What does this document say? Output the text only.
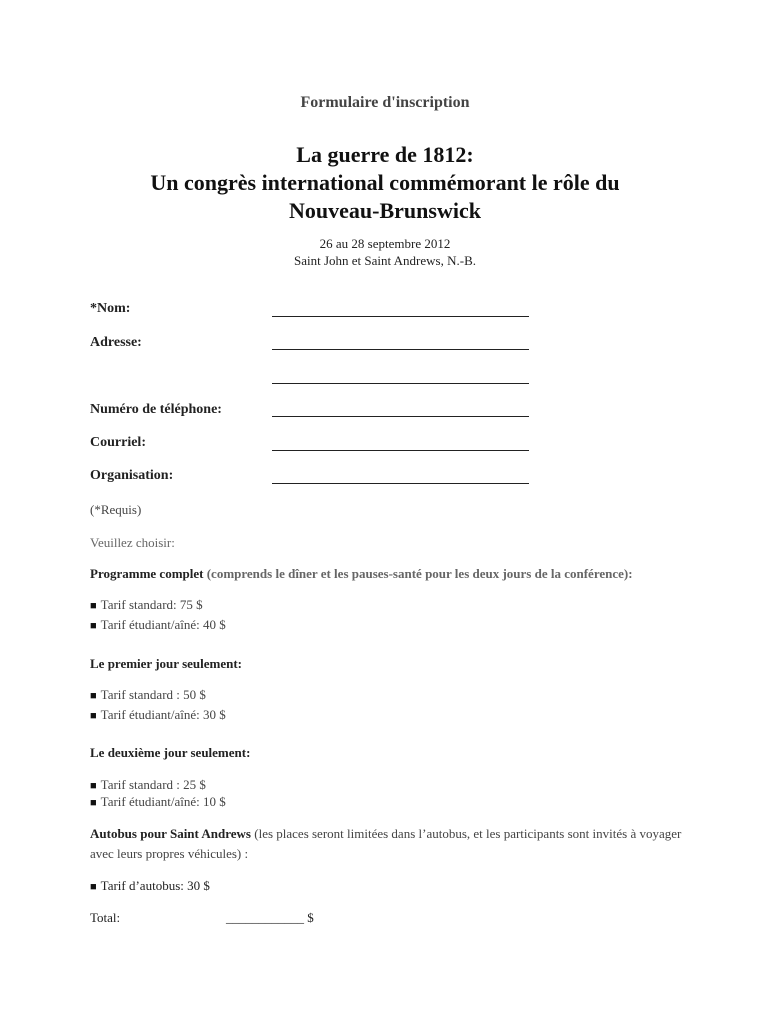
Formulaire d'inscription
La guerre de 1812:
Un congrès international commémorant le rôle du
Nouveau-Brunswick
26 au 28 septembre 2012
Saint John et Saint Andrews, N.-B.
*Nom:
Adresse:
Numéro de téléphone:
Courriel:
Organisation:
(*Requis)
Veuillez choisir:
Programme complet (comprends le dîner et les pauses-santé pour les deux jours de la conférence):
■ Tarif standard: 75 $
■ Tarif étudiant/aîné: 40 $
Le premier jour seulement:
■ Tarif standard : 50 $
■ Tarif étudiant/aîné: 30 $
Le deuxième jour seulement:
■ Tarif standard : 25 $
■ Tarif étudiant/aîné: 10 $
Autobus pour Saint Andrews (les places seront limitées dans l’autobus, et les participants sont invités à voyager avec leurs propres véhicules) :
■ Tarif d’autobus: 30 $
Total:	____________ $
